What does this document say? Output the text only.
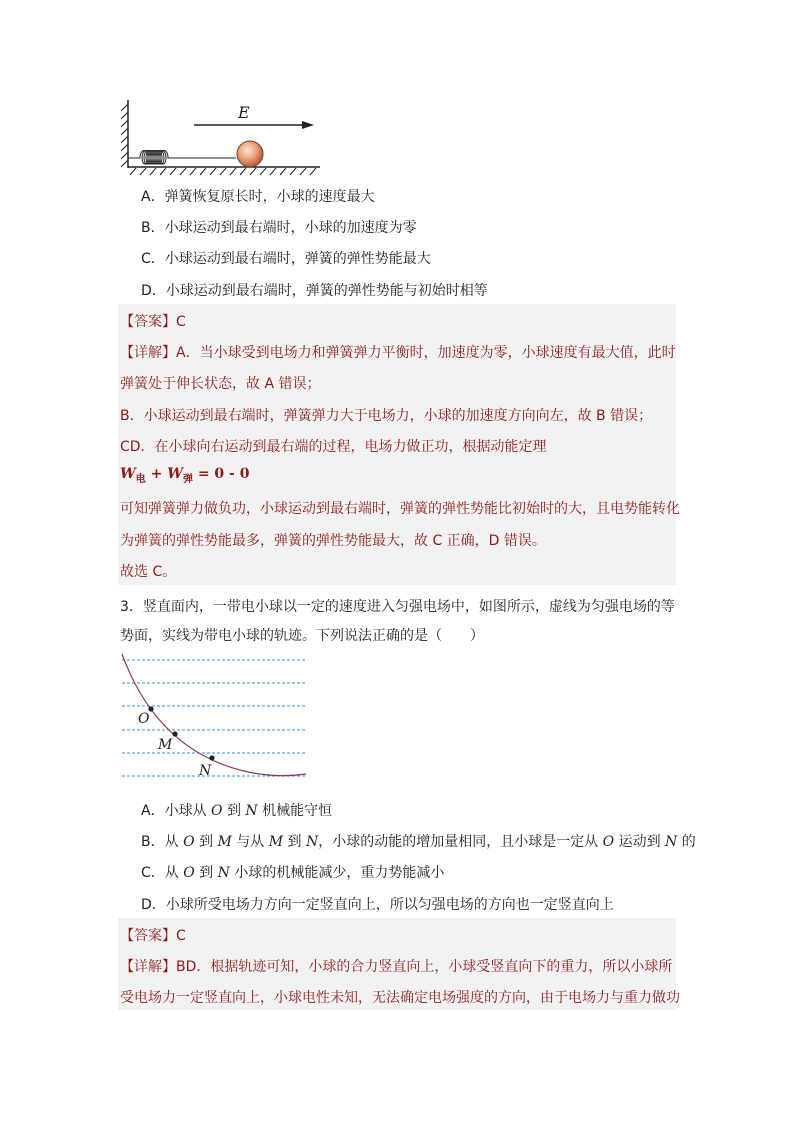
E
A．弹簧恢复原长时，小球的速度最大
B．小球运动到最右端时，小球的加速度为零
C．小球运动到最右端时，弹簧的弹性势能最大
D．小球运动到最右端时，弹簧的弹性势能与初始时相等
【答案】C
【详解】A．当小球受到电场力和弹簧弹力平衡时，加速度为零，小球速度有最大值，此时
弹簧处于伸长状态，故 A 错误；
B．小球运动到最右端时，弹簧弹力大于电场力，小球的加速度方向向左，故 B 错误；
CD．在小球向右运动到最右端的过程，电场力做正功，根据动能定理
$W_电 + W_弹 = 0 - 0$
可知弹簧弹力做负功，小球运动到最右端时，弹簧的弹性势能比初始时的大，且电势能转化
为弹簧的弹性势能最多，弹簧的弹性势能最大，故 C 正确，D 错误。
故选 C。
3．竖直面内，一带电小球以一定的速度进入匀强电场中，如图所示，虚线为匀强电场的等
势面，实线为带电小球的轨迹。下列说法正确的是（　　）
O
M
N
A．小球从 O 到 N 机械能守恒
B．从 O 到 M 与从 M 到 N，小球的动能的增加量相同，且小球是一定从 O 运动到 N 的
C．从 O 到 N 小球的机械能减少，重力势能减小
D．小球所受电场力方向一定竖直向上，所以匀强电场的方向也一定竖直向上
【答案】C
【详解】BD．根据轨迹可知，小球的合力竖直向上，小球受竖直向下的重力，所以小球所
受电场力一定竖直向上，小球电性未知，无法确定电场强度的方向，由于电场力与重力做功
